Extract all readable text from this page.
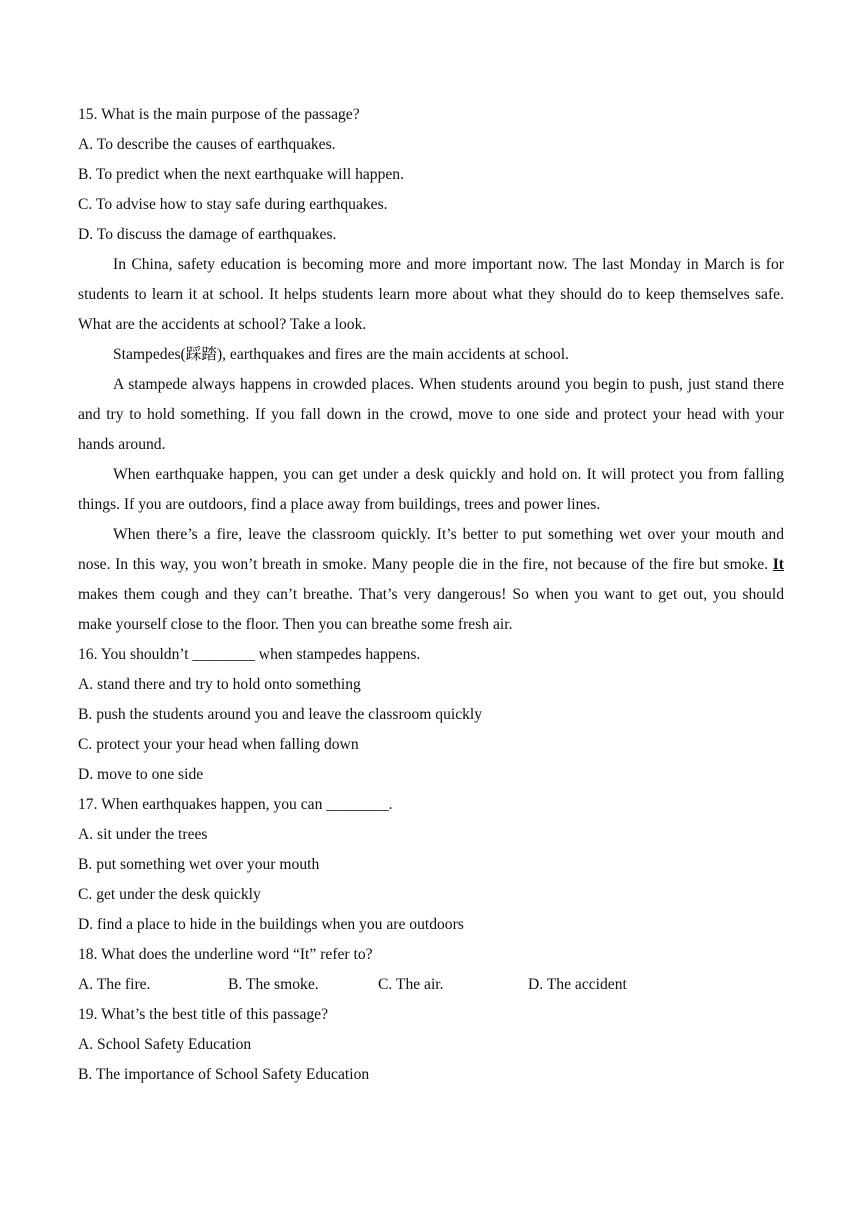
15. What is the main purpose of the passage?
A. To describe the causes of earthquakes.
B. To predict when the next earthquake will happen.
C. To advise how to stay safe during earthquakes.
D. To discuss the damage of earthquakes.
In China, safety education is becoming more and more important now. The last Monday in March is for students to learn it at school. It helps students learn more about what they should do to keep themselves safe. What are the accidents at school? Take a look.
Stampedes(踩踏), earthquakes and fires are the main accidents at school.
A stampede always happens in crowded places. When students around you begin to push, just stand there and try to hold something. If you fall down in the crowd, move to one side and protect your head with your hands around.
When earthquake happen, you can get under a desk quickly and hold on. It will protect you from falling things. If you are outdoors, find a place away from buildings, trees and power lines.
When there’s a fire, leave the classroom quickly. It’s better to put something wet over your mouth and nose. In this way, you won’t breath in smoke. Many people die in the fire, not because of the fire but smoke. It makes them cough and they can’t breathe. That’s very dangerous! So when you want to get out, you should make yourself close to the floor. Then you can breathe some fresh air.
16. You shouldn’t ________ when stampedes happens.
A. stand there and try to hold onto something
B. push the students around you and leave the classroom quickly
C. protect your your head when falling down
D. move to one side
17. When earthquakes happen, you can ________.
A. sit under the trees
B. put something wet over your mouth
C. get under the desk quickly
D. find a place to hide in the buildings when you are outdoors
18. What does the underline word “It” refer to?
A. The fire.	B. The smoke.	C. The air.	D. The accident
19. What’s the best title of this passage?
A. School Safety Education
B. The importance of School Safety Education
